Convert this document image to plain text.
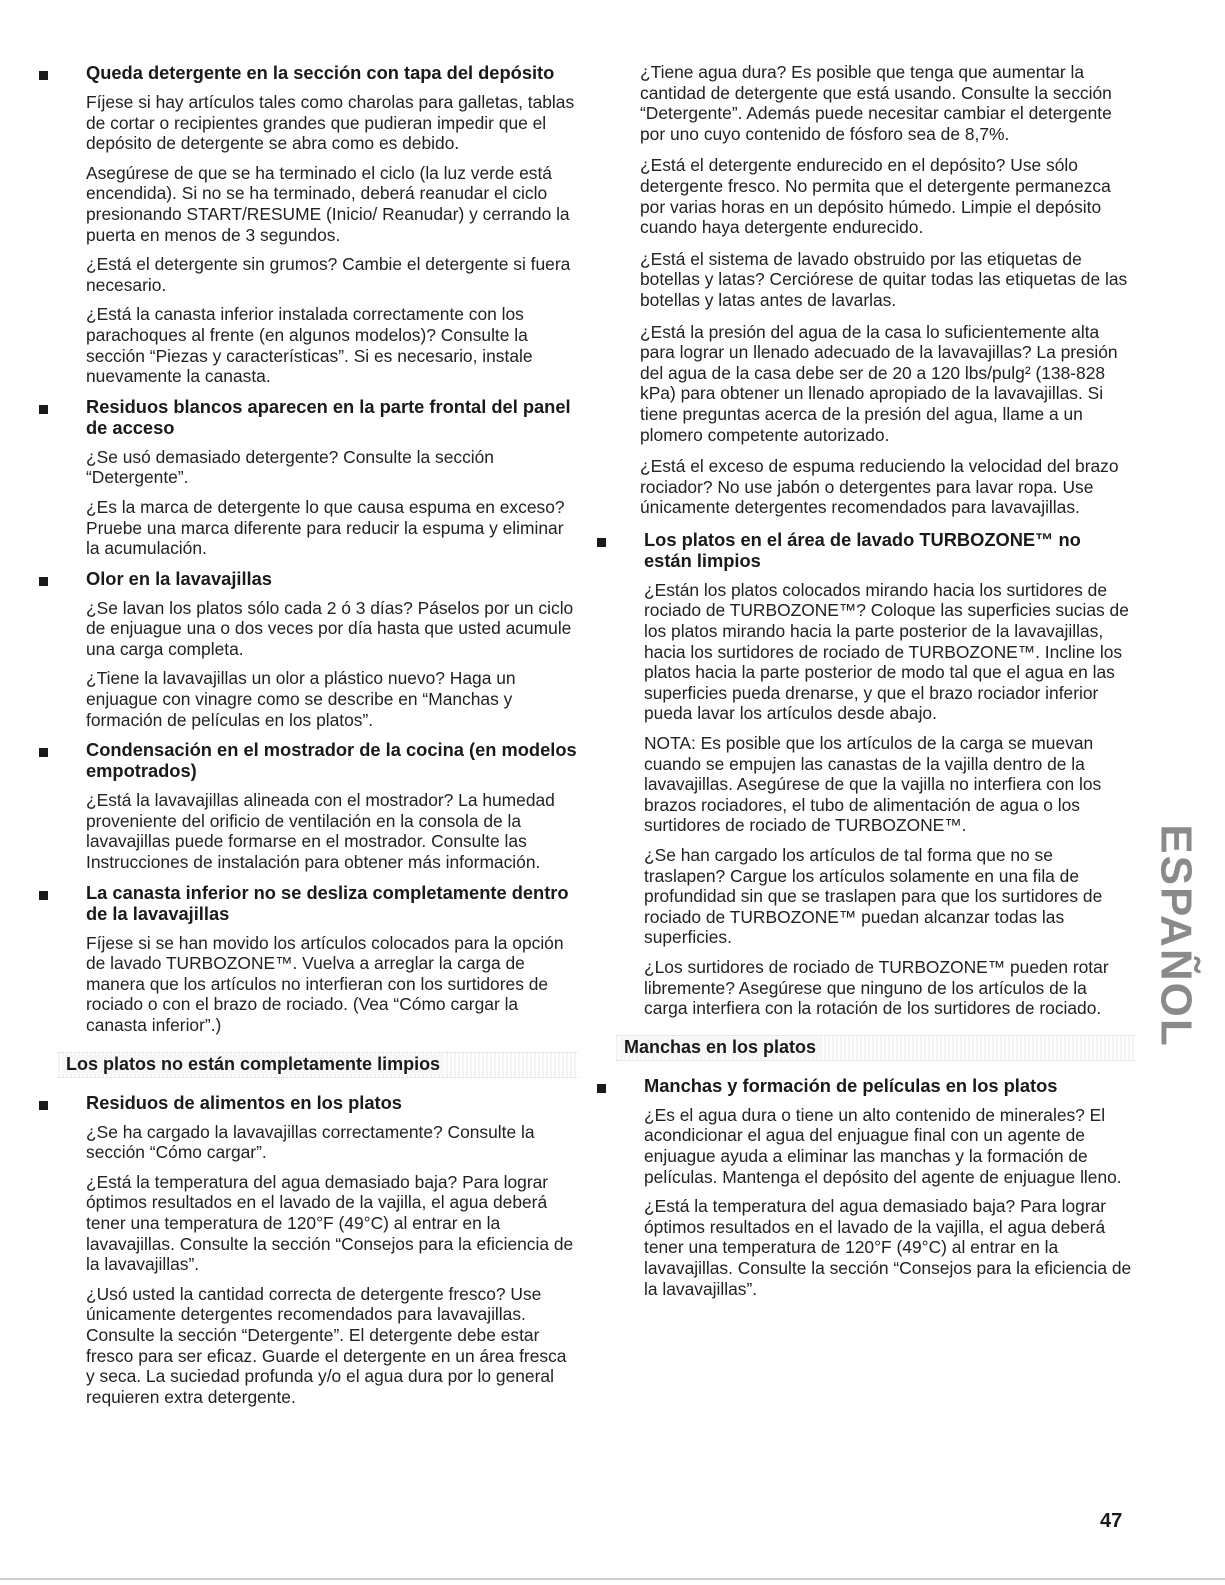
Queda detergente en la sección con tapa del depósito

Fíjese si hay artículos tales como charolas para galletas, tablas de cortar o recipientes grandes que pudieran impedir que el depósito de detergente se abra como es debido.

Asegúrese de que se ha terminado el ciclo (la luz verde está encendida). Si no se ha terminado, deberá reanudar el ciclo presionando START/RESUME (Inicio/ Reanudar) y cerrando la puerta en menos de 3 segundos.

¿Está el detergente sin grumos? Cambie el detergente si fuera necesario.

¿Está la canasta inferior instalada correctamente con los parachoques al frente (en algunos modelos)? Consulte la sección “Piezas y características”. Si es necesario, instale nuevamente la canasta.

Residuos blancos aparecen en la parte frontal del panel de acceso

¿Se usó demasiado detergente? Consulte la sección “Detergente”.

¿Es la marca de detergente lo que causa espuma en exceso? Pruebe una marca diferente para reducir la espuma y eliminar la acumulación.

Olor en la lavavajillas

¿Se lavan los platos sólo cada 2 ó 3 días? Páselos por un ciclo de enjuague una o dos veces por día hasta que usted acumule una carga completa.

¿Tiene la lavavajillas un olor a plástico nuevo? Haga un enjuague con vinagre como se describe en “Manchas y formación de películas en los platos”.

Condensación en el mostrador de la cocina (en modelos empotrados)

¿Está la lavavajillas alineada con el mostrador? La humedad proveniente del orificio de ventilación en la consola de la lavavajillas puede formarse en el mostrador. Consulte las Instrucciones de instalación para obtener más información.

La canasta inferior no se desliza completamente dentro de la lavavajillas

Fíjese si se han movido los artículos colocados para la opción de lavado TURBOZONE™. Vuelva a arreglar la carga de manera que los artículos no interfieran con los surtidores de rociado o con el brazo de rociado. (Vea “Cómo cargar la canasta inferior”.)

Los platos no están completamente limpios
Residuos de alimentos en los platos

¿Se ha cargado la lavavajillas correctamente? Consulte la sección “Cómo cargar”.

¿Está la temperatura del agua demasiado baja? Para lograr óptimos resultados en el lavado de la vajilla, el agua deberá tener una temperatura de 120°F (49°C) al entrar en la lavavajillas. Consulte la sección “Consejos para la eficiencia de la lavavajillas”.

¿Usó usted la cantidad correcta de detergente fresco? Use únicamente detergentes recomendados para lavavajillas. Consulte la sección “Detergente”. El detergente debe estar fresco para ser eficaz. Guarde el detergente en un área fresca y seca. La suciedad profunda y/o el agua dura por lo general requieren extra detergente.

¿Tiene agua dura? Es posible que tenga que aumentar la cantidad de detergente que está usando. Consulte la sección “Detergente”. Además puede necesitar cambiar el detergente por uno cuyo contenido de fósforo sea de 8,7%.

¿Está el detergente endurecido en el depósito? Use sólo detergente fresco. No permita que el detergente permanezca por varias horas en un depósito húmedo. Limpie el depósito cuando haya detergente endurecido.

¿Está el sistema de lavado obstruido por las etiquetas de botellas y latas? Cerciórese de quitar todas las etiquetas de las botellas y latas antes de lavarlas.

¿Está la presión del agua de la casa lo suficientemente alta para lograr un llenado adecuado de la lavavajillas? La presión del agua de la casa debe ser de 20 a 120 lbs/pulg² (138-828 kPa) para obtener un llenado apropiado de la lavavajillas. Si tiene preguntas acerca de la presión del agua, llame a un plomero competente autorizado.

¿Está el exceso de espuma reduciendo la velocidad del brazo rociador? No use jabón o detergentes para lavar ropa. Use únicamente detergentes recomendados para lavavajillas.

Los platos en el área de lavado TURBOZONE™ no están limpios

¿Están los platos colocados mirando hacia los surtidores de rociado de TURBOZONE™? Coloque las superficies sucias de los platos mirando hacia la parte posterior de la lavavajillas, hacia los surtidores de rociado de TURBOZONE™. Incline los platos hacia la parte posterior de modo tal que el agua en las superficies pueda drenarse, y que el brazo rociador inferior pueda lavar los artículos desde abajo.

NOTA: Es posible que los artículos de la carga se muevan cuando se empujen las canastas de la vajilla dentro de la lavavajillas. Asegúrese de que la vajilla no interfiera con los brazos rociadores, el tubo de alimentación de agua o los surtidores de rociado de TURBOZONE™.

¿Se han cargado los artículos de tal forma que no se traslapen? Cargue los artículos solamente en una fila de profundidad sin que se traslapen para que los surtidores de rociado de TURBOZONE™ puedan alcanzar todas las superficies.

¿Los surtidores de rociado de TURBOZONE™ pueden rotar libremente? Asegúrese que ninguno de los artículos de la carga interfiera con la rotación de los surtidores de rociado.

Manchas en los platos
Manchas y formación de películas en los platos

¿Es el agua dura o tiene un alto contenido de minerales? El acondicionar el agua del enjuague final con un agente de enjuague ayuda a eliminar las manchas y la formación de películas. Mantenga el depósito del agente de enjuague lleno.

¿Está la temperatura del agua demasiado baja? Para lograr óptimos resultados en el lavado de la vajilla, el agua deberá tener una temperatura de 120°F (49°C) al entrar en la lavavajillas. Consulte la sección “Consejos para la eficiencia de la lavavajillas”.

ESPAÑOL
47
